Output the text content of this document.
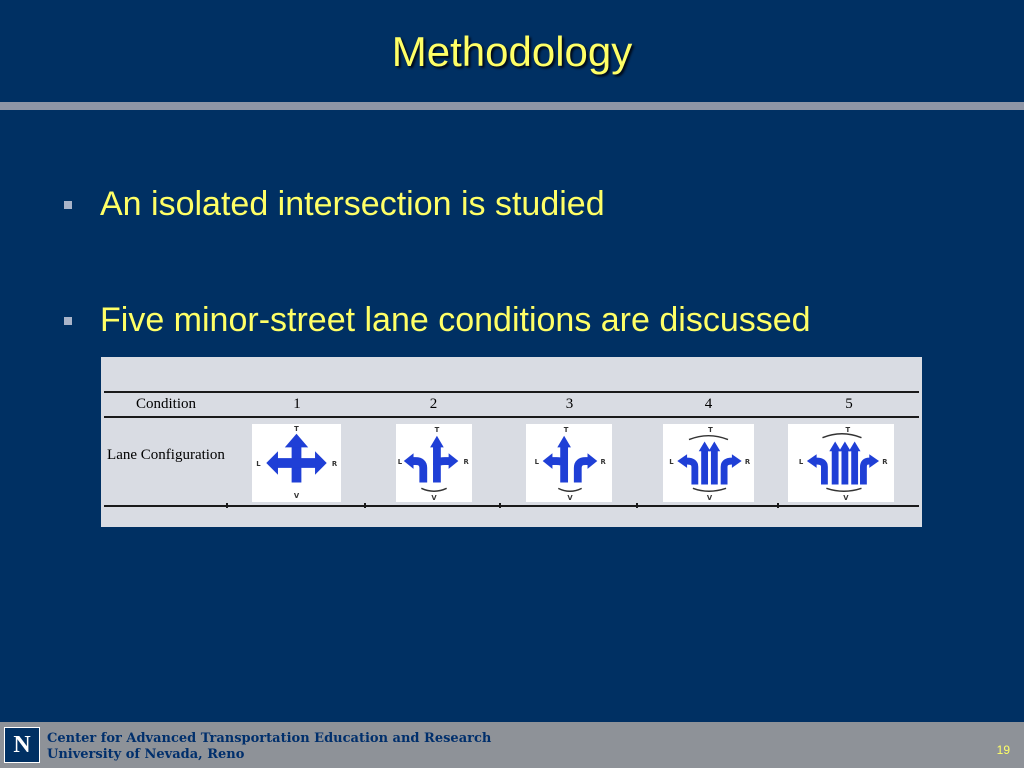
Methodology
An isolated intersection is studied
Five minor-street lane conditions are discussed
Condition	1	2	3	4	5
Lane Configuration
T
L	R
V
T
L	R
V
T
L	R
V
T
L	R
V
T
L	R
V
N	Center for Advanced Transportation Education and Research
University of Nevada, Reno	19
